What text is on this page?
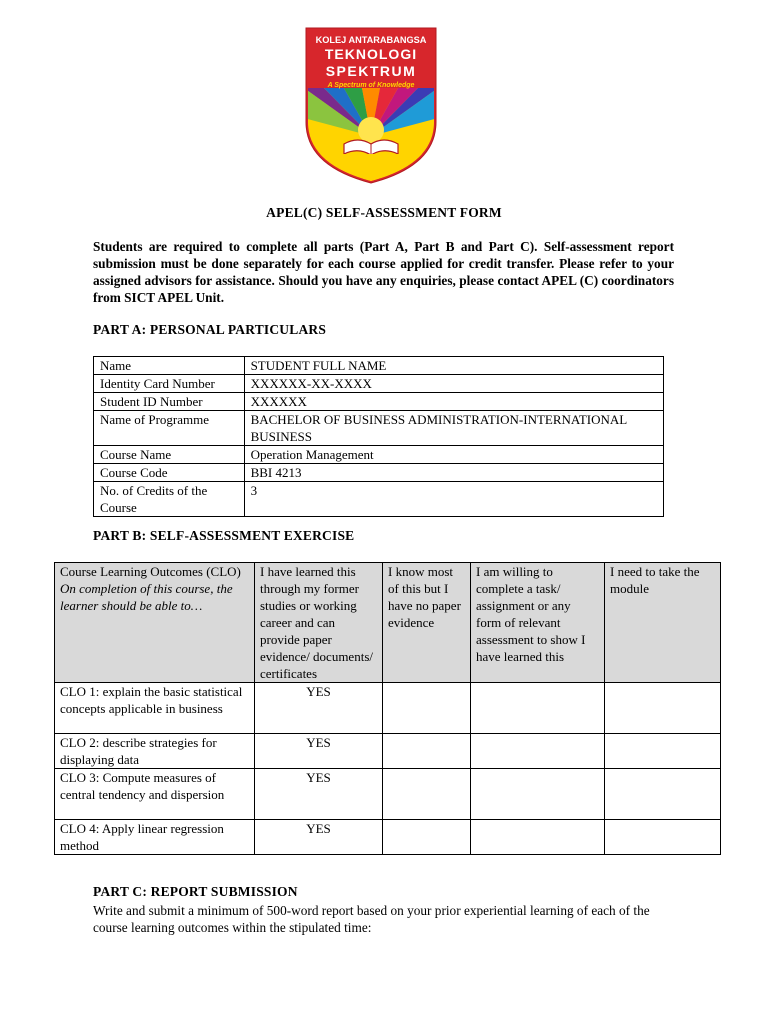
KOLEJ ANTARABANGSA
TEKNOLOGI
SPEKTRUM
A Spectrum of Knowledge
APEL(C) SELF-ASSESSMENT FORM
Students are required to complete all parts (Part A, Part B and Part C). Self-assessment report submission must be done separately for each course applied for credit transfer. Please refer to your assigned advisors for assistance. Should you have any enquiries, please contact APEL (C) coordinators from SICT APEL Unit.
PART A: PERSONAL PARTICULARS
Name	STUDENT FULL NAME
Identity Card Number	XXXXXX-XX-XXXX
Student ID Number	XXXXXX
Name of Programme	BACHELOR OF BUSINESS ADMINISTRATION-INTERNATIONAL BUSINESS
Course Name	Operation Management
Course Code	BBI 4213
No. of Credits of the Course	3
PART B: SELF-ASSESSMENT EXERCISE
Course Learning Outcomes (CLO)
On completion of this course, the learner should be able to…	I have learned this through my former studies or working career and can provide paper evidence/ documents/ certificates	I know most of this but I have no paper evidence	I am willing to complete a task/ assignment or any form of relevant assessment to show I have learned this	I need to take the module
CLO 1: explain the basic statistical concepts applicable in business	YES			
CLO 2: describe strategies for displaying data	YES			
CLO 3: Compute measures of central tendency and dispersion	YES			
CLO 4: Apply linear regression method	YES			
PART C: REPORT SUBMISSION
Write and submit a minimum of 500-word report based on your prior experiential learning of each of the course learning outcomes within the stipulated time:
